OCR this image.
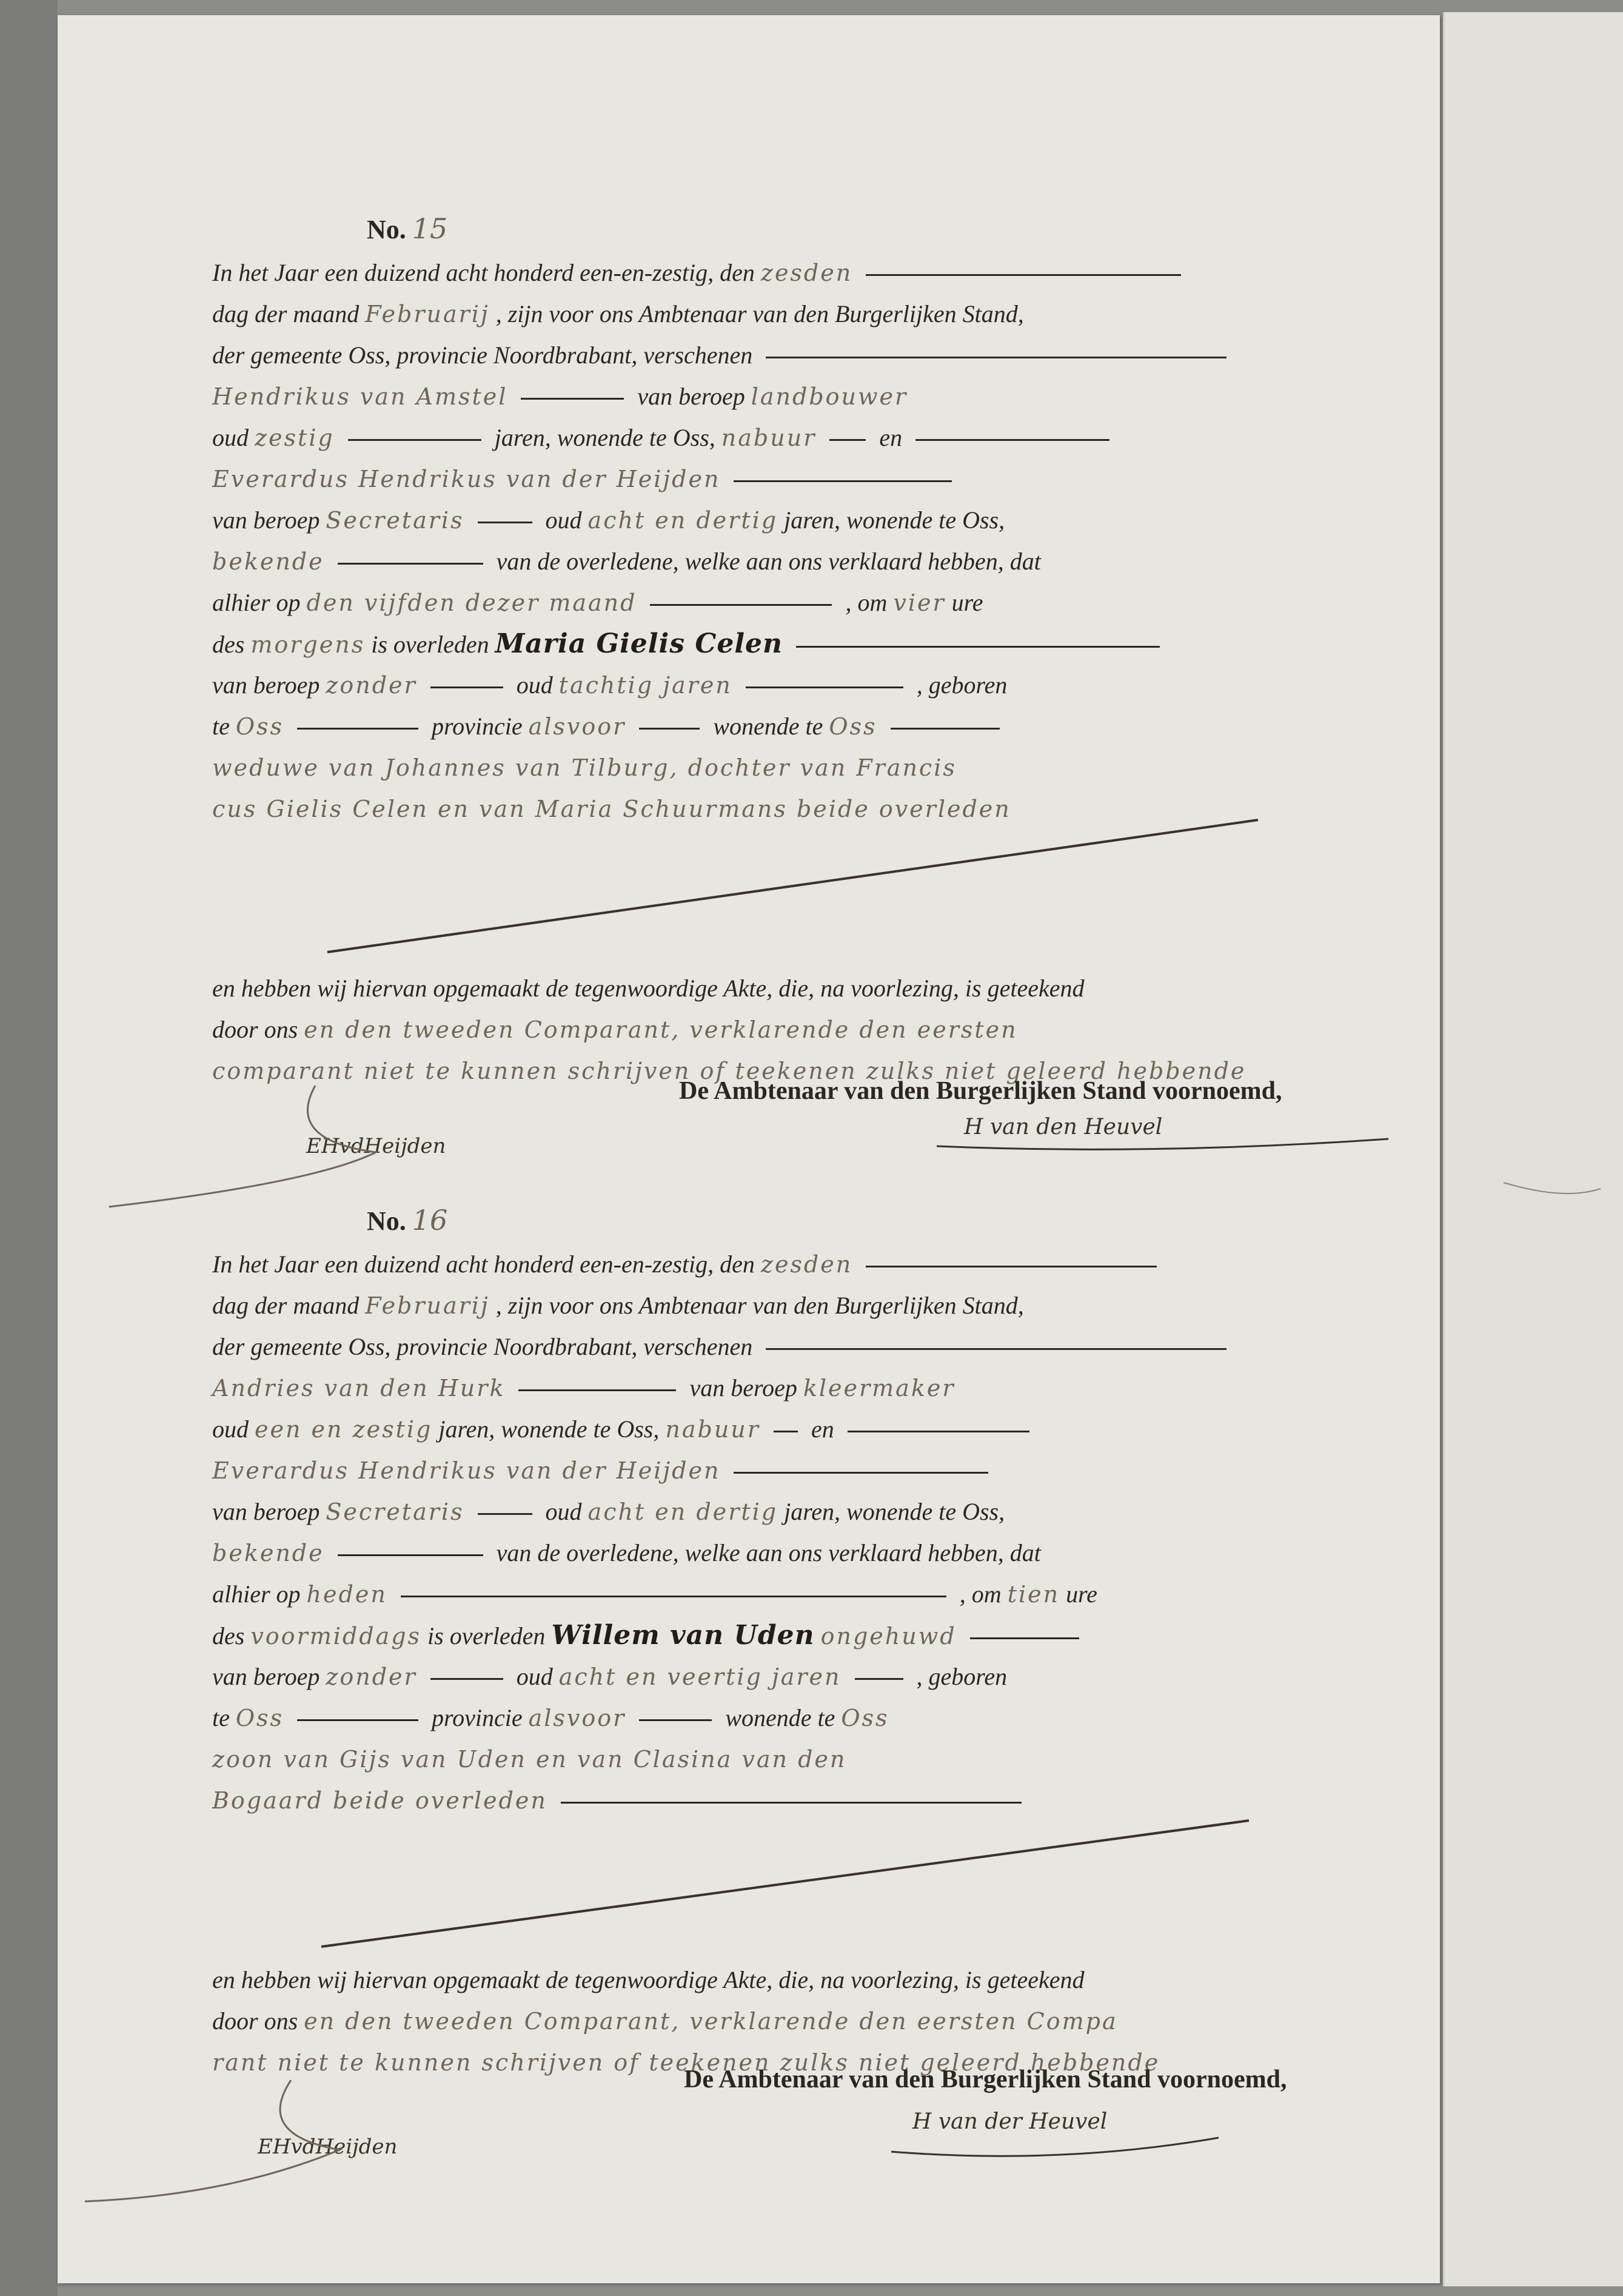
No. 15
In het Jaar een duizend acht honderd een-en-zestig, den zesden
dag der maand Februarij , zijn voor ons Ambtenaar van den Burgerlijken Stand,
der gemeente Oss, provincie Noordbrabant, verschenen
Hendrikus van Amstel	van beroep landbouwer
oud zestig	jaren, wonende te Oss, nabuur	en
Everardus Hendrikus van der Heijden
van beroep Secretaris	oud acht en dertig jaren, wonende te Oss,
bekende	van de overledene, welke aan ons verklaard hebben, dat
alhier op den vijfden dezer maand	, om vier ure
des morgens is overleden Maria Gielis Celen
van beroep zonder	oud tachtig jaren	, geboren
te Oss	provincie alsvoor	wonende te Oss
weduwe van Johannes van Tilburg, dochter van Francis
cus Gielis Celen en van Maria Schuurmans beide overleden
en hebben wij hiervan opgemaakt de tegenwoordige Akte, die, na voorlezing, is geteekend
door ons en den tweeden Comparant, verklarende den eersten
comparant niet te kunnen schrijven of teekenen zulks niet geleerd hebbende
De Ambtenaar van den Burgerlijken Stand voornoemd,
H van den Heuvel
EHvdHeijden
No. 16
In het Jaar een duizend acht honderd een-en-zestig, den zesden
dag der maand Februarij , zijn voor ons Ambtenaar van den Burgerlijken Stand,
der gemeente Oss, provincie Noordbrabant, verschenen
Andries van den Hurk	van beroep kleermaker
oud een en zestig jaren, wonende te Oss, nabuur en
Everardus Hendrikus van der Heijden
van beroep Secretaris	oud acht en dertig jaren, wonende te Oss,
bekende	van de overledene, welke aan ons verklaard hebben, dat
alhier op heden	, om tien ure
des voormiddags is overleden Willem van Uden ongehuwd
van beroep zonder	oud acht en veertig jaren	, geboren
te Oss	provincie alsvoor	wonende te Oss
zoon van Gijs van Uden en van Clasina van den
Bogaard beide overleden
en hebben wij hiervan opgemaakt de tegenwoordige Akte, die, na voorlezing, is geteekend
door ons en den tweeden Comparant, verklarende den eersten Compa
rant niet te kunnen schrijven of teekenen zulks niet geleerd hebbende
De Ambtenaar van den Burgerlijken Stand voornoemd,
H van der Heuvel
EHvdHeijden
